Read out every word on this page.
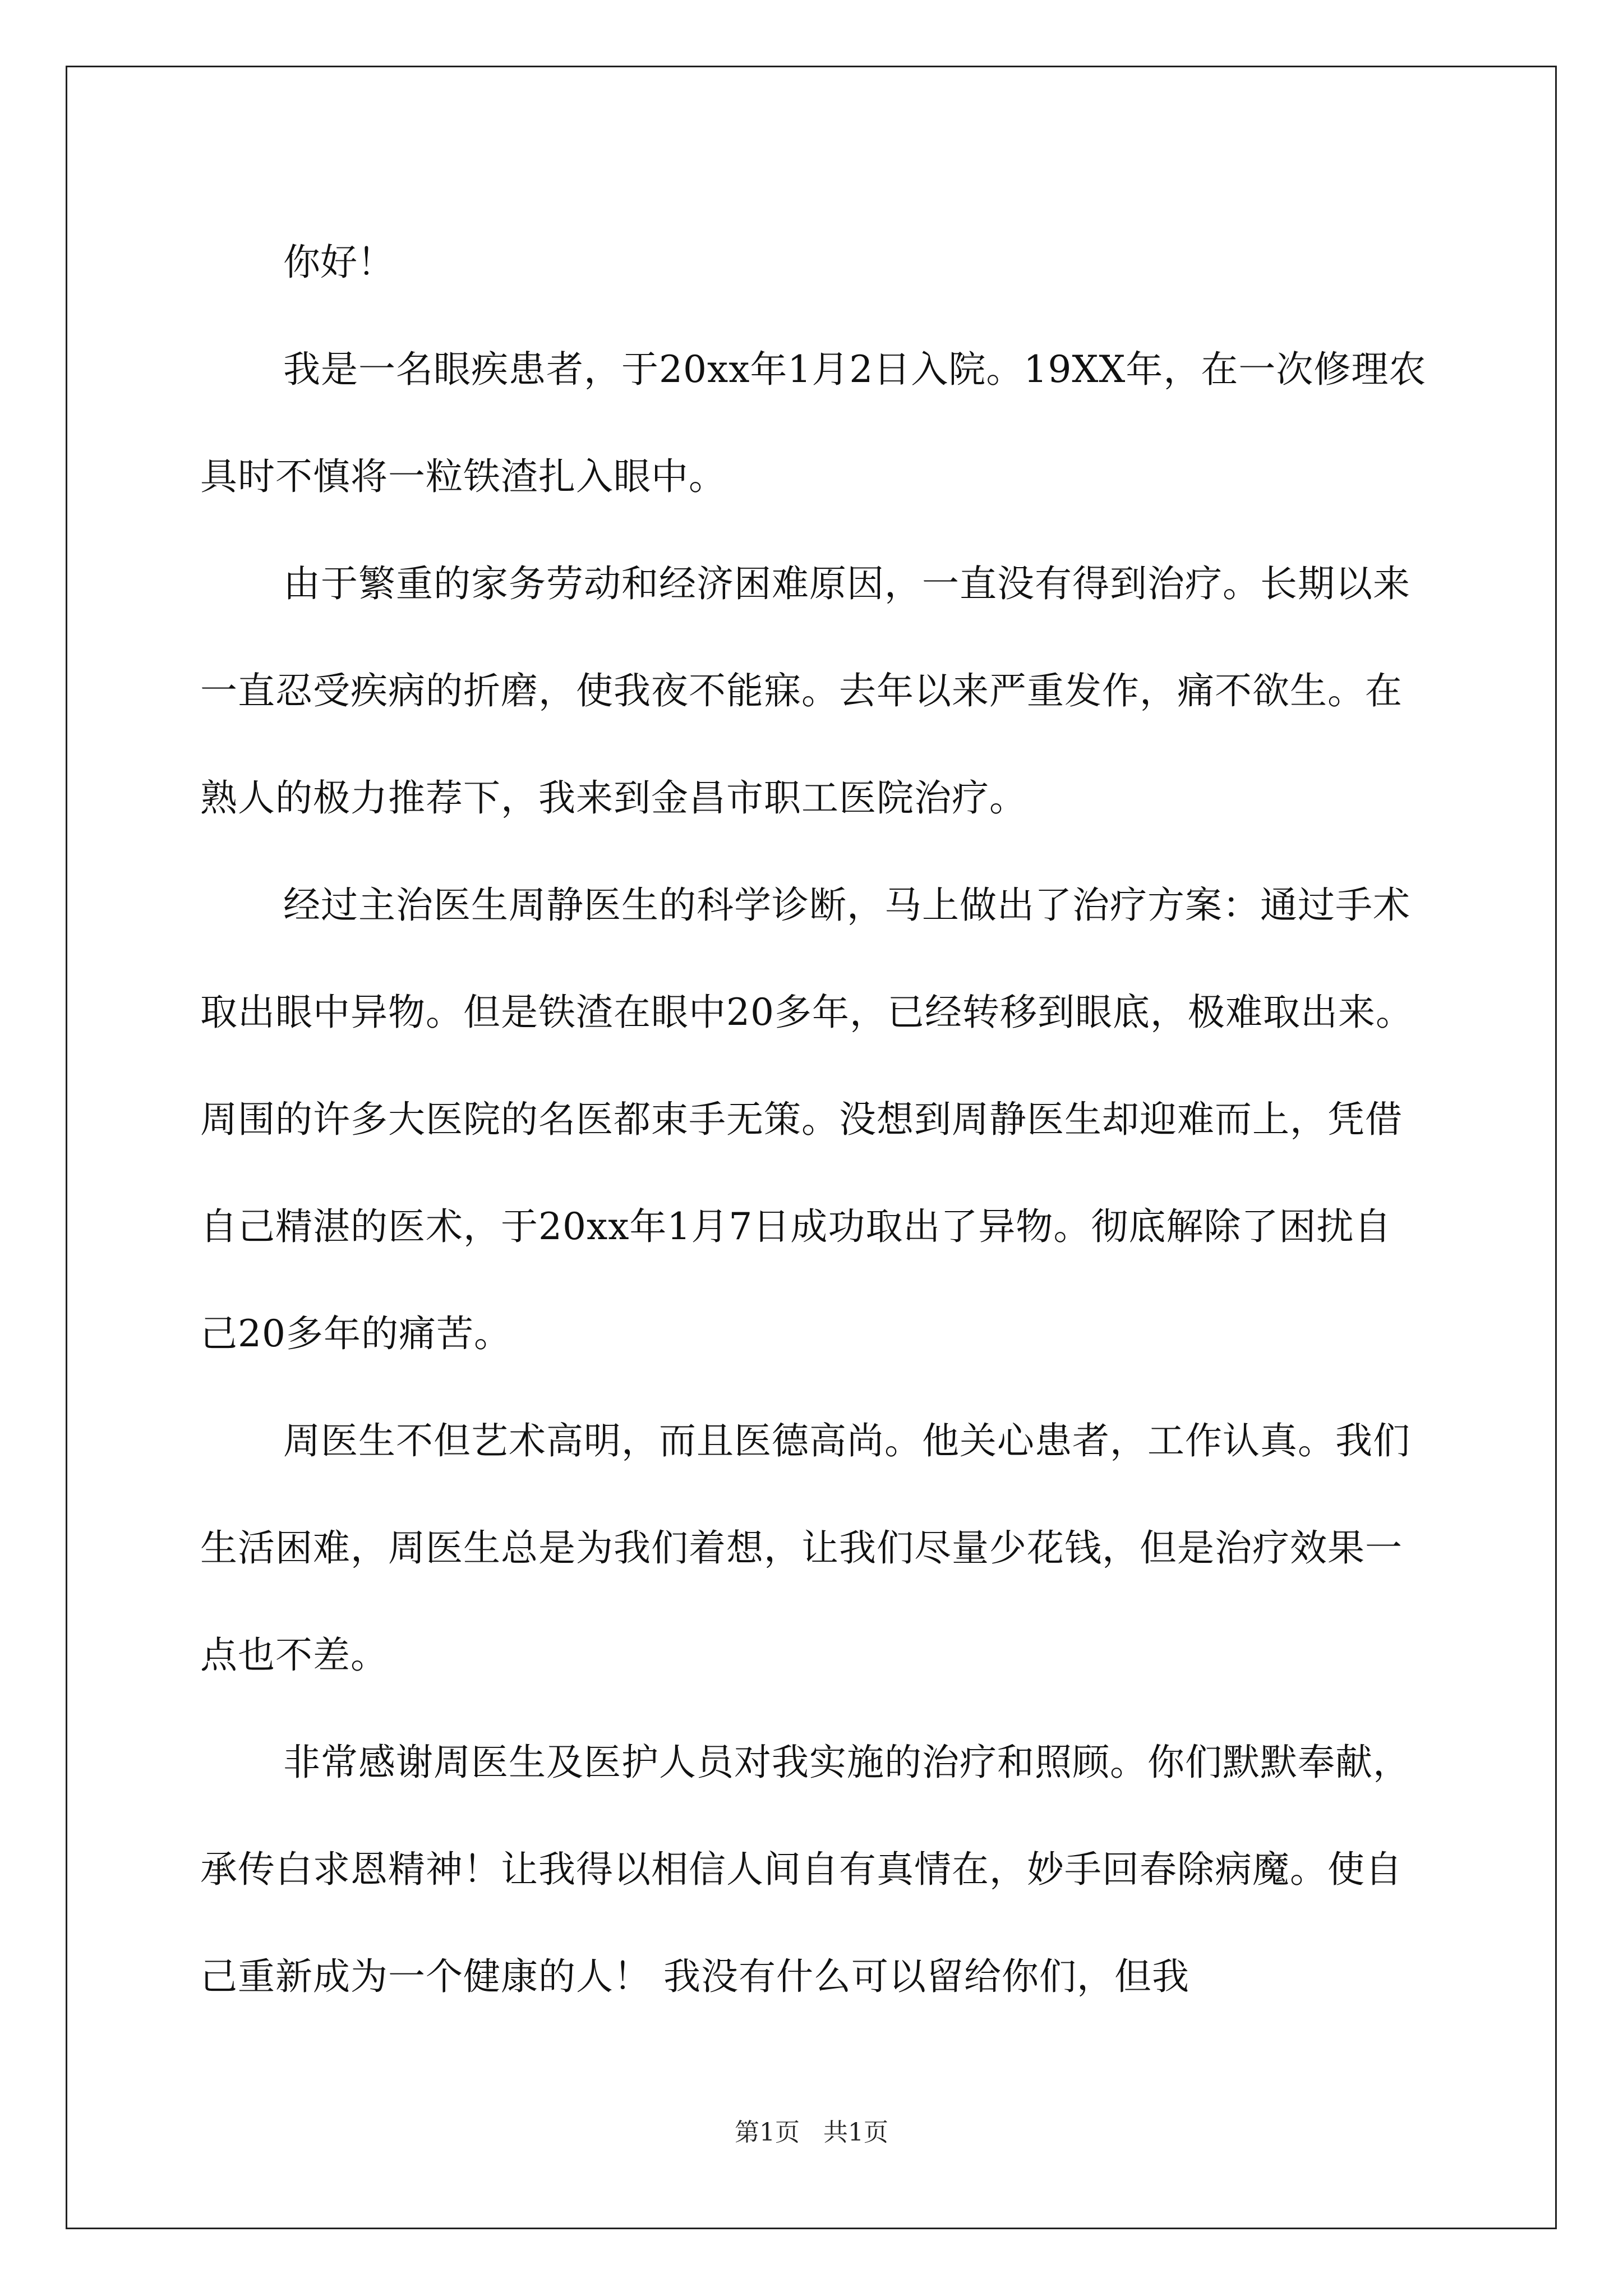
你好！

我是一名眼疾患者，于20xx年1月2日入院。19XX年，在一次修理农具时不慎将一粒铁渣扎入眼中。

由于繁重的家务劳动和经济困难原因，一直没有得到治疗。长期以来一直忍受疾病的折磨，使我夜不能寐。去年以来严重发作，痛不欲生。在熟人的极力推荐下，我来到金昌市职工医院治疗。

经过主治医生周静医生的科学诊断，马上做出了治疗方案：通过手术取出眼中异物。但是铁渣在眼中20多年，已经转移到眼底，极难取出来。周围的许多大医院的名医都束手无策。没想到周静医生却迎难而上，凭借自己精湛的医术，于20xx年1月7日成功取出了异物。彻底解除了困扰自己20多年的痛苦。

周医生不但艺术高明，而且医德高尚。他关心患者，工作认真。我们生活困难，周医生总是为我们着想，让我们尽量少花钱，但是治疗效果一点也不差。

非常感谢周医生及医护人员对我实施的治疗和照顾。你们默默奉献，承传白求恩精神！让我得以相信人间自有真情在，妙手回春除病魔。使自己重新成为一个健康的人！ 我没有什么可以留给你们，但我

第1页   共1页
